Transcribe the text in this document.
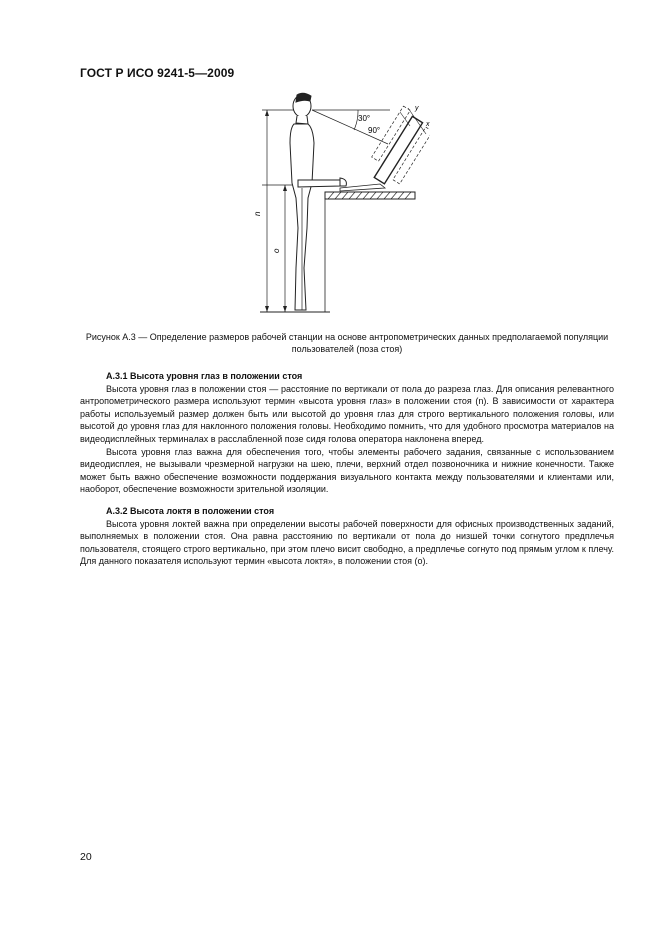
ГОСТ Р ИСО 9241-5—2009
n
o
30°
90°
y
x
Рисунок А.3 — Определение размеров рабочей станции на основе антропометрических данных предполагаемой популяции пользователей (поза стоя)
А.3.1 Высота уровня глаз в положении стоя

Высота уровня глаз в положении стоя — расстояние по вертикали от пола до разреза глаз. Для описания релевантного антропометрического размера используют термин «высота уровня глаз» в положении стоя (n). В зависимости от характера работы используемый размер должен быть или высотой до уровня глаз для строго вертикального положения головы, или высотой до уровня глаз для наклонного положения головы. Необходимо помнить, что для удобного просмотра материалов на видеодисплейных терминалах в расслабленной позе сидя голова оператора наклонена вперед.

Высота уровня глаз важна для обеспечения того, чтобы элементы рабочего задания, связанные с использованием видеодисплея, не вызывали чрезмерной нагрузки на шею, плечи, верхний отдел позвоночника и нижние конечности. Также может быть важно обеспечение возможности поддержания визуального контакта между пользователями и клиентами или, наоборот, обеспечение возможности зрительной изоляции.

А.3.2 Высота локтя в положении стоя

Высота уровня локтей важна при определении высоты рабочей поверхности для офисных производственных заданий, выполняемых в положении стоя. Она равна расстоянию по вертикали от пола до низшей точки согнутого предплечья пользователя, стоящего строго вертикально, при этом плечо висит свободно, а предплечье согнуто под прямым углом к плечу. Для данного показателя используют термин «высота локтя», в положении стоя (o).

20
